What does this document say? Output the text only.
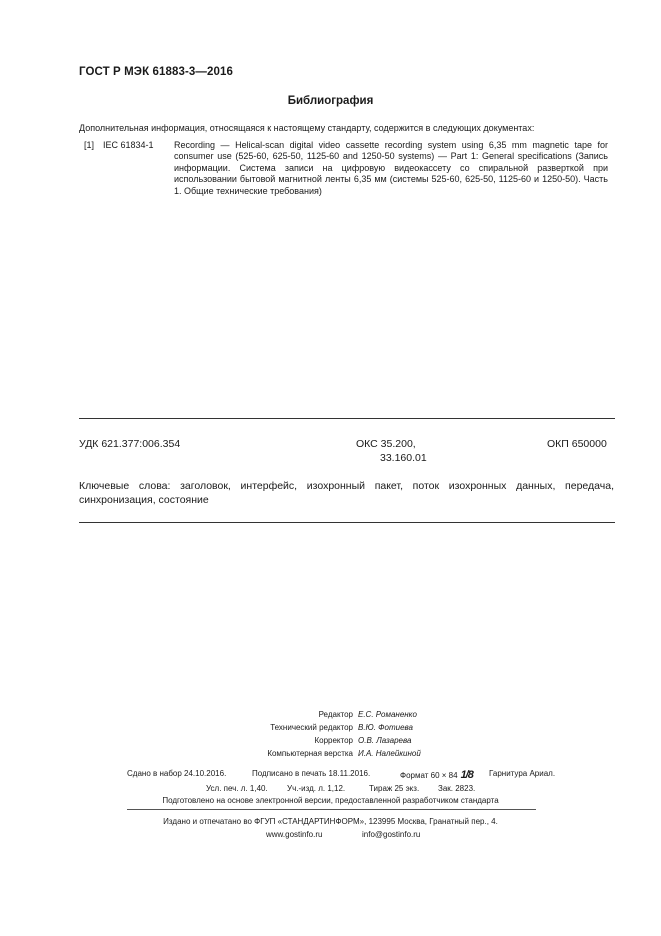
ГОСТ Р МЭК 61883-3—2016
Библиография
Дополнительная информация, относящаяся к настоящему стандарту, содержится в следующих документах:
[1] IEC 61834-1 Recording — Helical-scan digital video cassette recording system using 6,35 mm magnetic tape for consumer use (525-60, 625-50, 1125-60 and 1250-50 systems) — Part 1: General specifications (Запись информации. Система записи на цифровую видеокассету со спиральной разверткой при использовании бытовой магнитной ленты 6,35 мм (системы 525-60, 625-50, 1125-60 и 1250-50). Часть 1. Общие технические требования)
УДК 621.377:006.354	ОКС 35.200,
33.160.01
ОКП 650000
Ключевые слова: заголовок, интерфейс, изохронный пакет, поток изохронных данных, передача, синхронизация, состояние
Редактор Е.С. Романенко
Технический редактор В.Ю. Фотиева
Корректор О.В. Лазарева
Компьютерная верстка И.А. Налейкиной
Сдано в набор 24.10.2016.	Подписано в печать 18.11.2016.	Формат 60 × 84 1/8 Гарнитура Ариал.
Усл. печ. л. 1,40. Уч.-изд. л. 1,12.	Тираж 25 экз. Зак. 2823.
Подготовлено на основе электронной версии, предоставленной разработчиком стандарта
Издано и отпечатано во ФГУП «СТАНДАРТИНФОРМ», 123995 Москва, Гранатный пер., 4.
www.gostinfo.ru	info@gostinfo.ru
